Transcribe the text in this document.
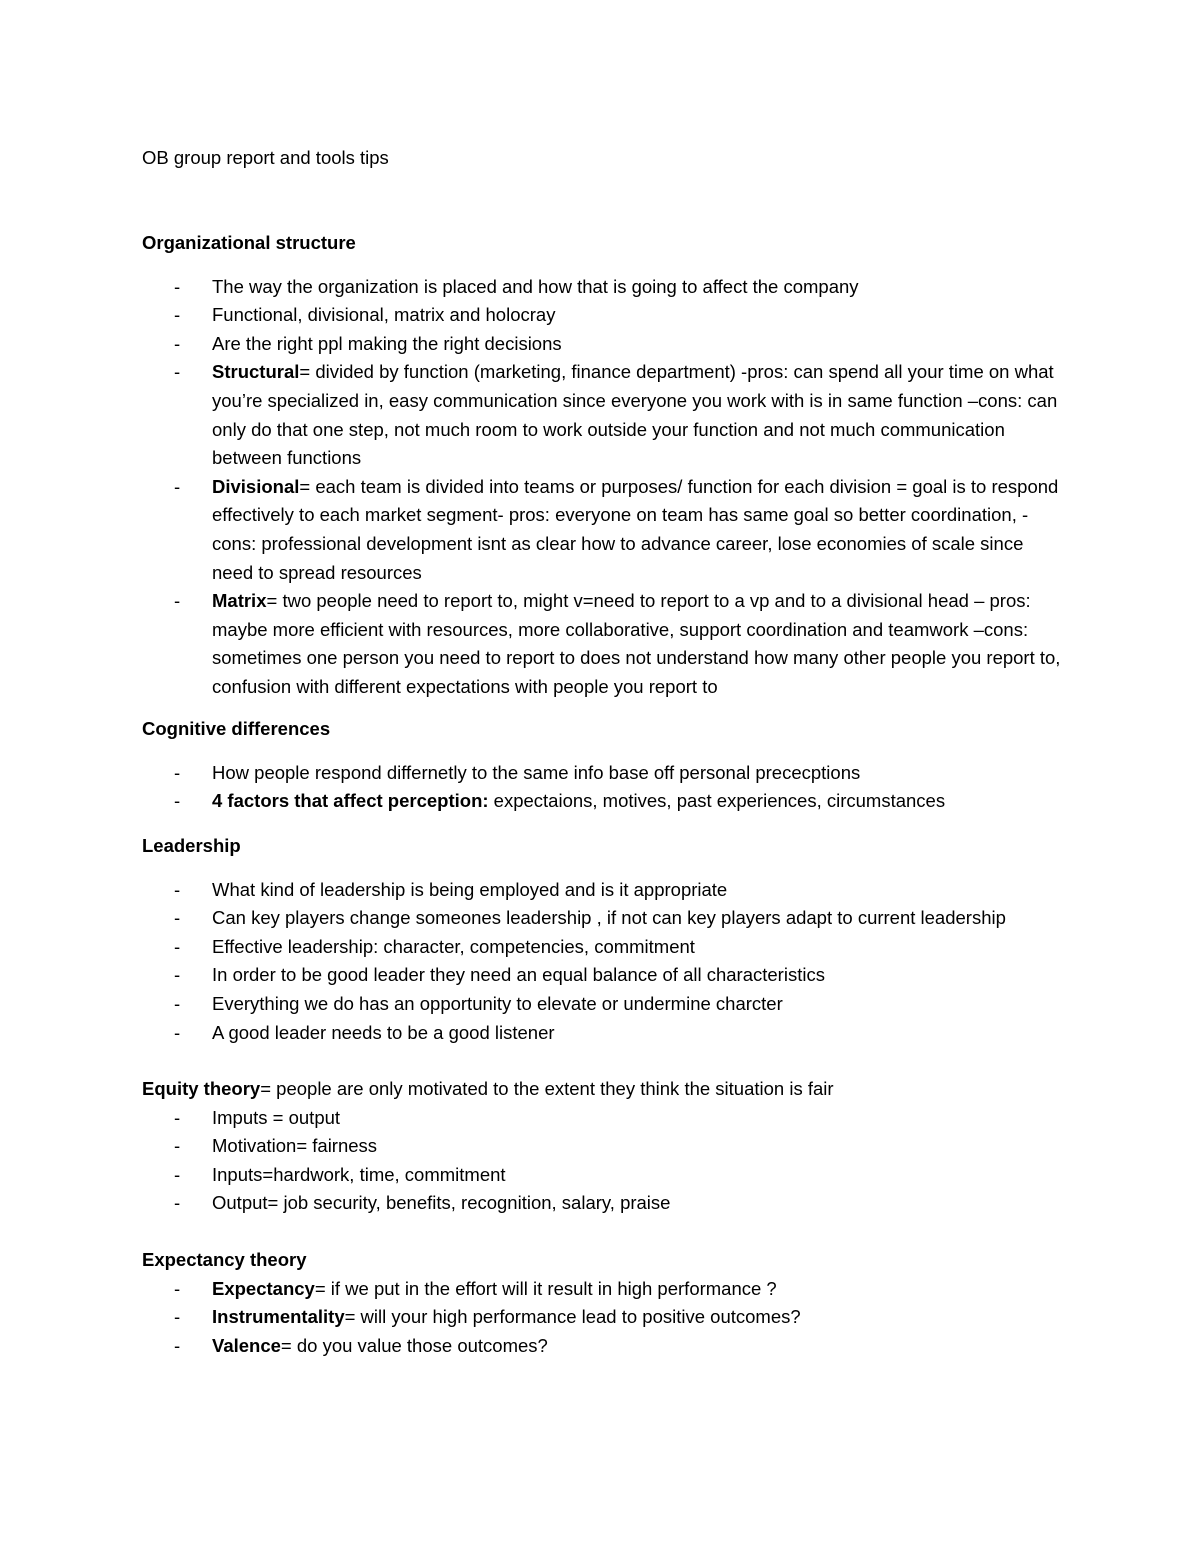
OB group report and tools tips
Organizational structure
- The way the organization is placed and how that is going to affect the company
- Functional, divisional, matrix and holocray
- Are the right ppl making the right decisions
- Structural= divided by function (marketing, finance department) -pros: can spend all your time on what you’re specialized in, easy communication since everyone you work with is in same function –cons: can only do that one step, not much room to work outside your function and not much communication between functions
- Divisional= each team is divided into teams or purposes/ function for each division = goal is to respond effectively to each market segment- pros: everyone on team has same goal so better coordination, - cons: professional development isnt as clear how to advance career, lose economies of scale since need to spread resources
- Matrix= two people need to report to, might v=need to report to a vp and to a divisional head – pros: maybe more efficient with resources, more collaborative, support coordination and teamwork –cons: sometimes one person you need to report to does not understand how many other people you report to, confusion with different expectations with people you report to
Cognitive differences
- How people respond differnetly to the same info base off personal prececptions
- 4 factors that affect perception: expectaions, motives, past experiences, circumstances
Leadership
- What kind of leadership is being employed and is it appropriate
- Can key players change someones leadership , if not can key players adapt to current leadership
- Effective leadership: character, competencies, commitment
- In order to be good leader they need an equal balance of all characteristics
- Everything we do has an opportunity to elevate or undermine charcter
- A good leader needs to be a good listener
Equity theory= people are only motivated to the extent they think the situation is fair
- Imputs = output
- Motivation= fairness
- Inputs=hardwork, time, commitment
- Output= job security, benefits, recognition, salary, praise
Expectancy theory
- Expectancy= if we put in the effort will it result in high performance ?
- Instrumentality= will your high performance lead to positive outcomes?
- Valence= do you value those outcomes?
